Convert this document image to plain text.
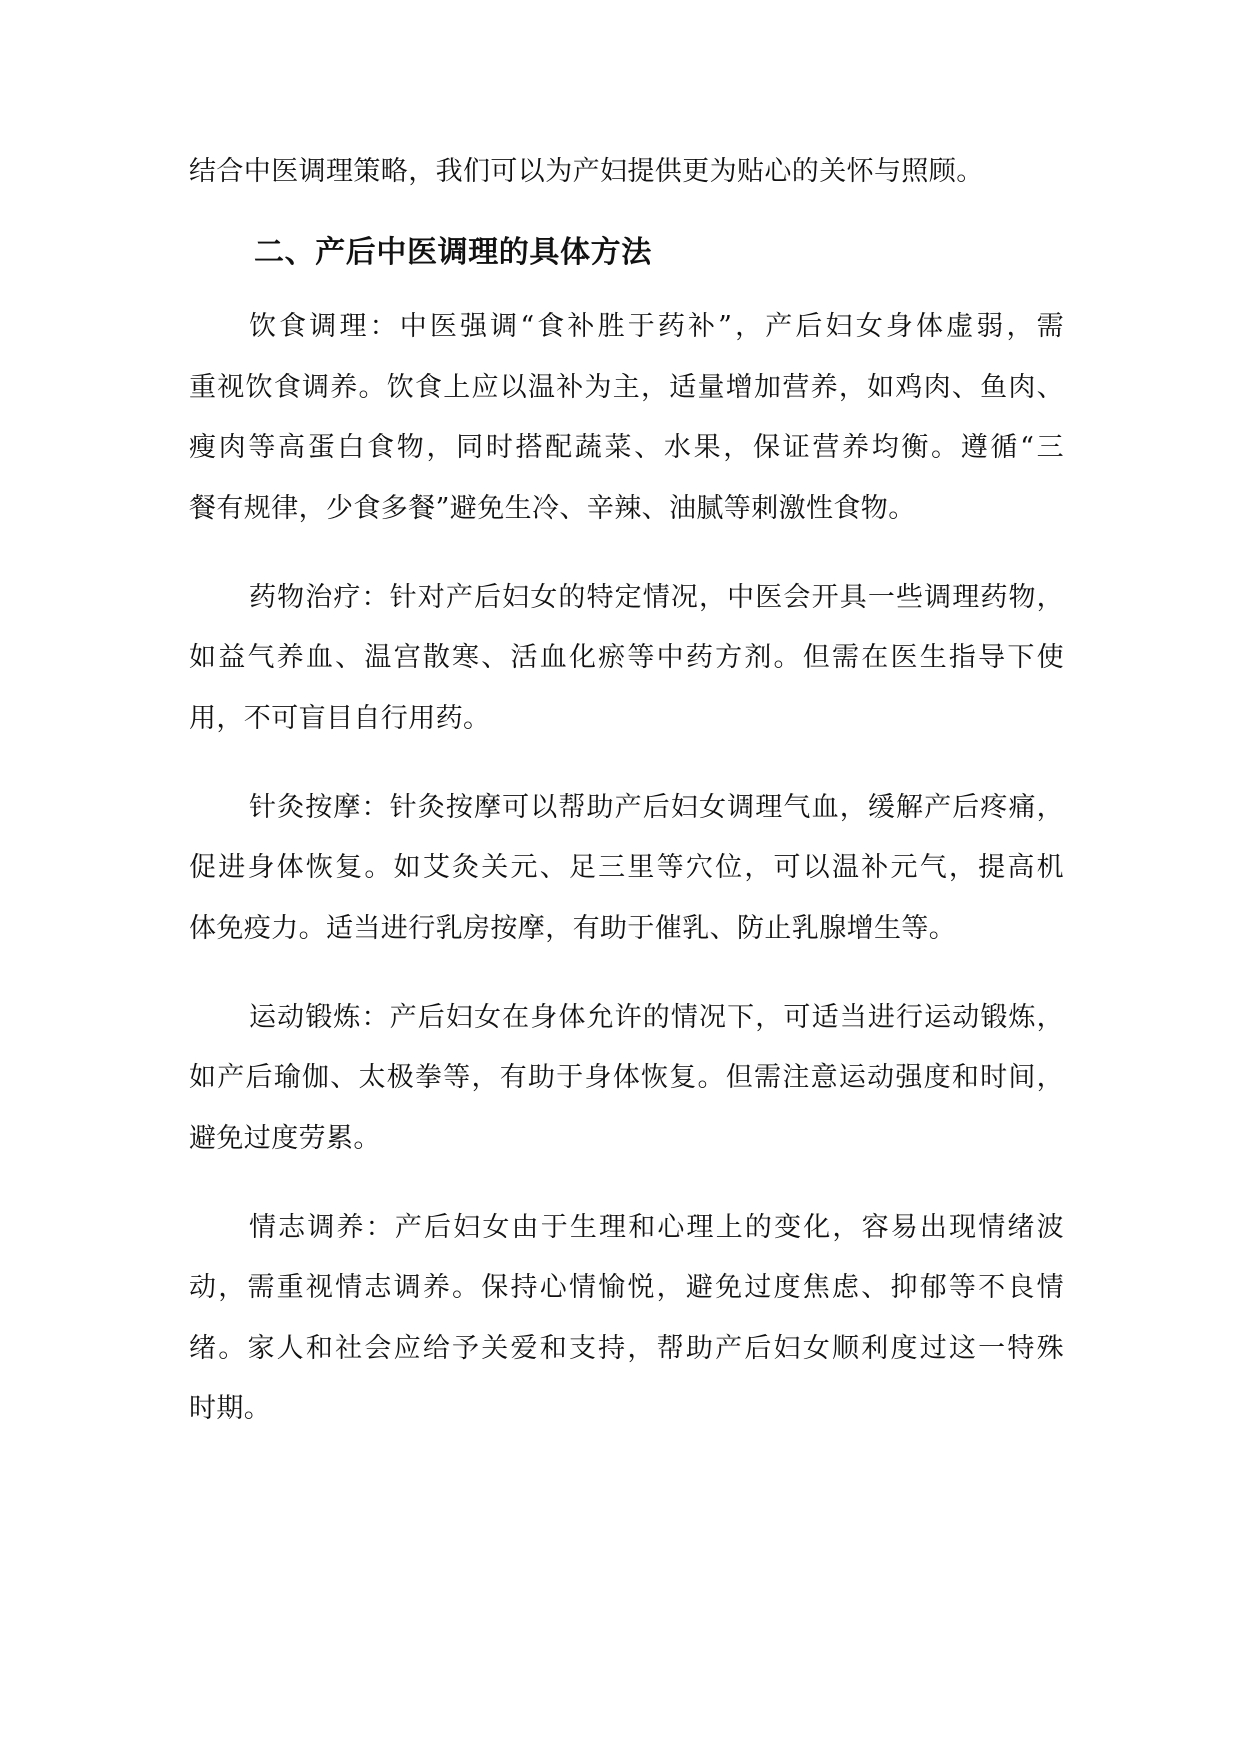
结合中医调理策略，我们可以为产妇提供更为贴心的关怀与照顾。
二、产后中医调理的具体方法
饮食调理：中医强调“食补胜于药补”，产后妇女身体虚弱，需
重视饮食调养。饮食上应以温补为主，适量增加营养，如鸡肉、鱼肉、
瘦肉等高蛋白食物，同时搭配蔬菜、水果，保证营养均衡。遵循“三
餐有规律，少食多餐”避免生冷、辛辣、油腻等刺激性食物。
药物治疗：针对产后妇女的特定情况，中医会开具一些调理药物，
如益气养血、温宫散寒、活血化瘀等中药方剂。但需在医生指导下使
用，不可盲目自行用药。
针灸按摩：针灸按摩可以帮助产后妇女调理气血，缓解产后疼痛，
促进身体恢复。如艾灸关元、足三里等穴位，可以温补元气，提高机
体免疫力。适当进行乳房按摩，有助于催乳、防止乳腺增生等。
运动锻炼：产后妇女在身体允许的情况下，可适当进行运动锻炼，
如产后瑜伽、太极拳等，有助于身体恢复。但需注意运动强度和时间，
避免过度劳累。
情志调养：产后妇女由于生理和心理上的变化，容易出现情绪波
动，需重视情志调养。保持心情愉悦，避免过度焦虑、抑郁等不良情
绪。家人和社会应给予关爱和支持，帮助产后妇女顺利度过这一特殊
时期。
